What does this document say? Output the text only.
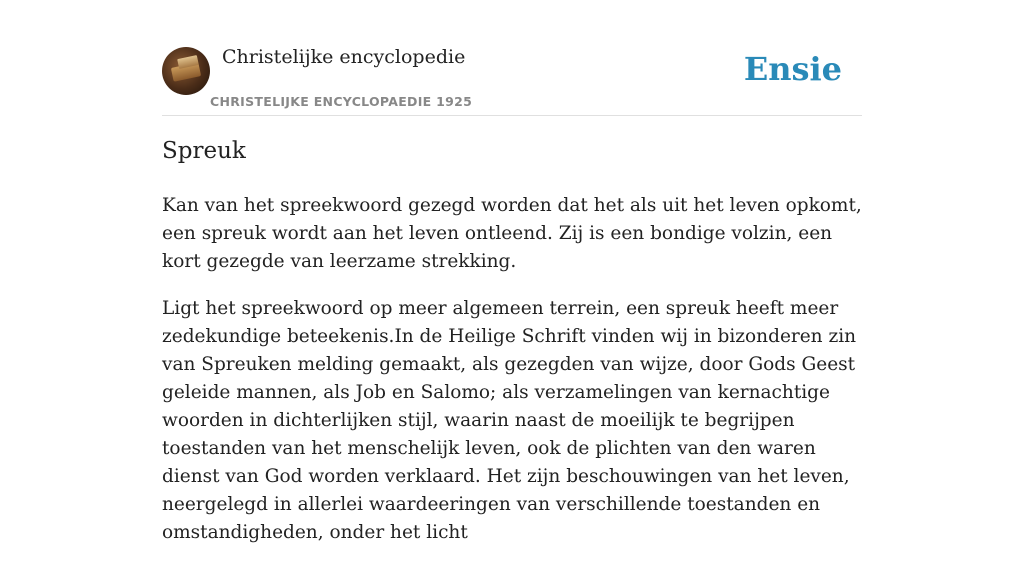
Christelijke encyclopedie
CHRISTELIJKE ENCYCLOPAEDIE 1925
Ensie
Spreuk

Kan van het spreekwoord gezegd worden dat het als uit het leven opkomt, een spreuk wordt aan het leven ontleend. Zij is een bondige volzin, een kort gezegde van leerzame strekking.

Ligt het spreekwoord op meer algemeen terrein, een spreuk heeft meer zedekundige beteekenis.In de Heilige Schrift vinden wij in bizonderen zin van Spreuken melding gemaakt, als gezegden van wijze, door Gods Geest geleide mannen, als Job en Salomo; als verzamelingen van kernachtige woorden in dichterlijken stijl, waarin naast de moeilijk te begrijpen toestanden van het menschelijk leven, ook de plichten van den waren dienst van God worden verklaard. Het zijn beschouwingen van het leven, neergelegd in allerlei waardeeringen van verschillende toestanden en omstandigheden, onder het licht
